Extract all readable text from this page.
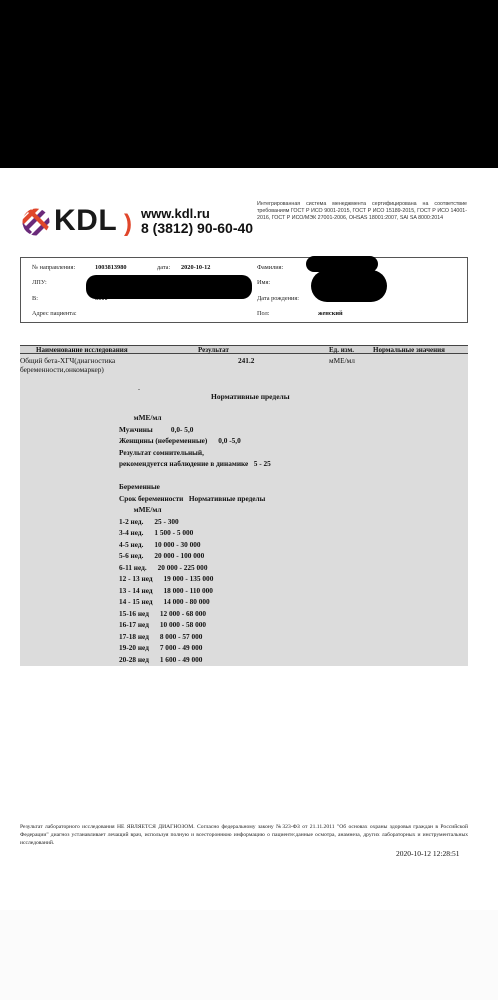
KDL ) www.kdl.ru
8 (3812) 90-60-40
Интегрированная система менеджмента сертифицирована на соответствие требованиям ГОСТ Р ИСО 9001-2015, ГОСТ Р ИСО 15189-2015, ГОСТ Р ИСО 14001-2016, ГОСТ Р ИСО/МЭК 27001-2006, OHSAS 18001:2007, SAI SA 8000:2014
№ направления:	1003813980	дата: 2020-10-12
ЛПУ:
В:
Адрес пациента:
Фамилия:
Имя:
Дата рождения:
Пол:	женский
Наименование исследования	Результат	Ед. изм.	Нормальные значения
Общий бета-ХГЧ(диагностика
беременности,онкомаркер)
241.2	мМЕ/мл
.
Нормативные пределы
мМЕ/мл
Мужчины          0,0- 5,0
Женщины (небеременные)      0,0 -5,0
Результат сомнительный,
рекомендуется наблюдение в динамике   5 - 25
Беременные
Срок беременности   Нормативные пределы
мМЕ/мл
1-2 нед.      25 - 300
3-4 нед.      1 500 - 5 000
4-5 нед.      10 000 - 30 000
5-6 нед.      20 000 - 100 000
6-11 нед.      20 000 - 225 000
12 - 13 нед      19 000 - 135 000
13 - 14 нед      18 000 - 110 000
14 - 15 нед      14 000 - 80 000
15-16 нед      12 000 - 68 000
16-17 нед      10 000 - 58 000
17-18 нед      8 000 - 57 000
19-20 нед      7 000 - 49 000
20-28 нед      1 600 - 49 000
Результат лабораторного исследования НЕ ЯВЛЯЕТСЯ ДИАГНОЗОМ. Согласно федеральному закону №323-ФЗ от 21.11.2011 "Об основах охраны здоровья граждан в Российской Федерации" диагноз устанавливает лечащий врач, используя полную и всестороннюю информацию о пациенте:данные осмотра, анамнеза, других лабораторных и инструментальных исследований.
2020-10-12 12:28:51
